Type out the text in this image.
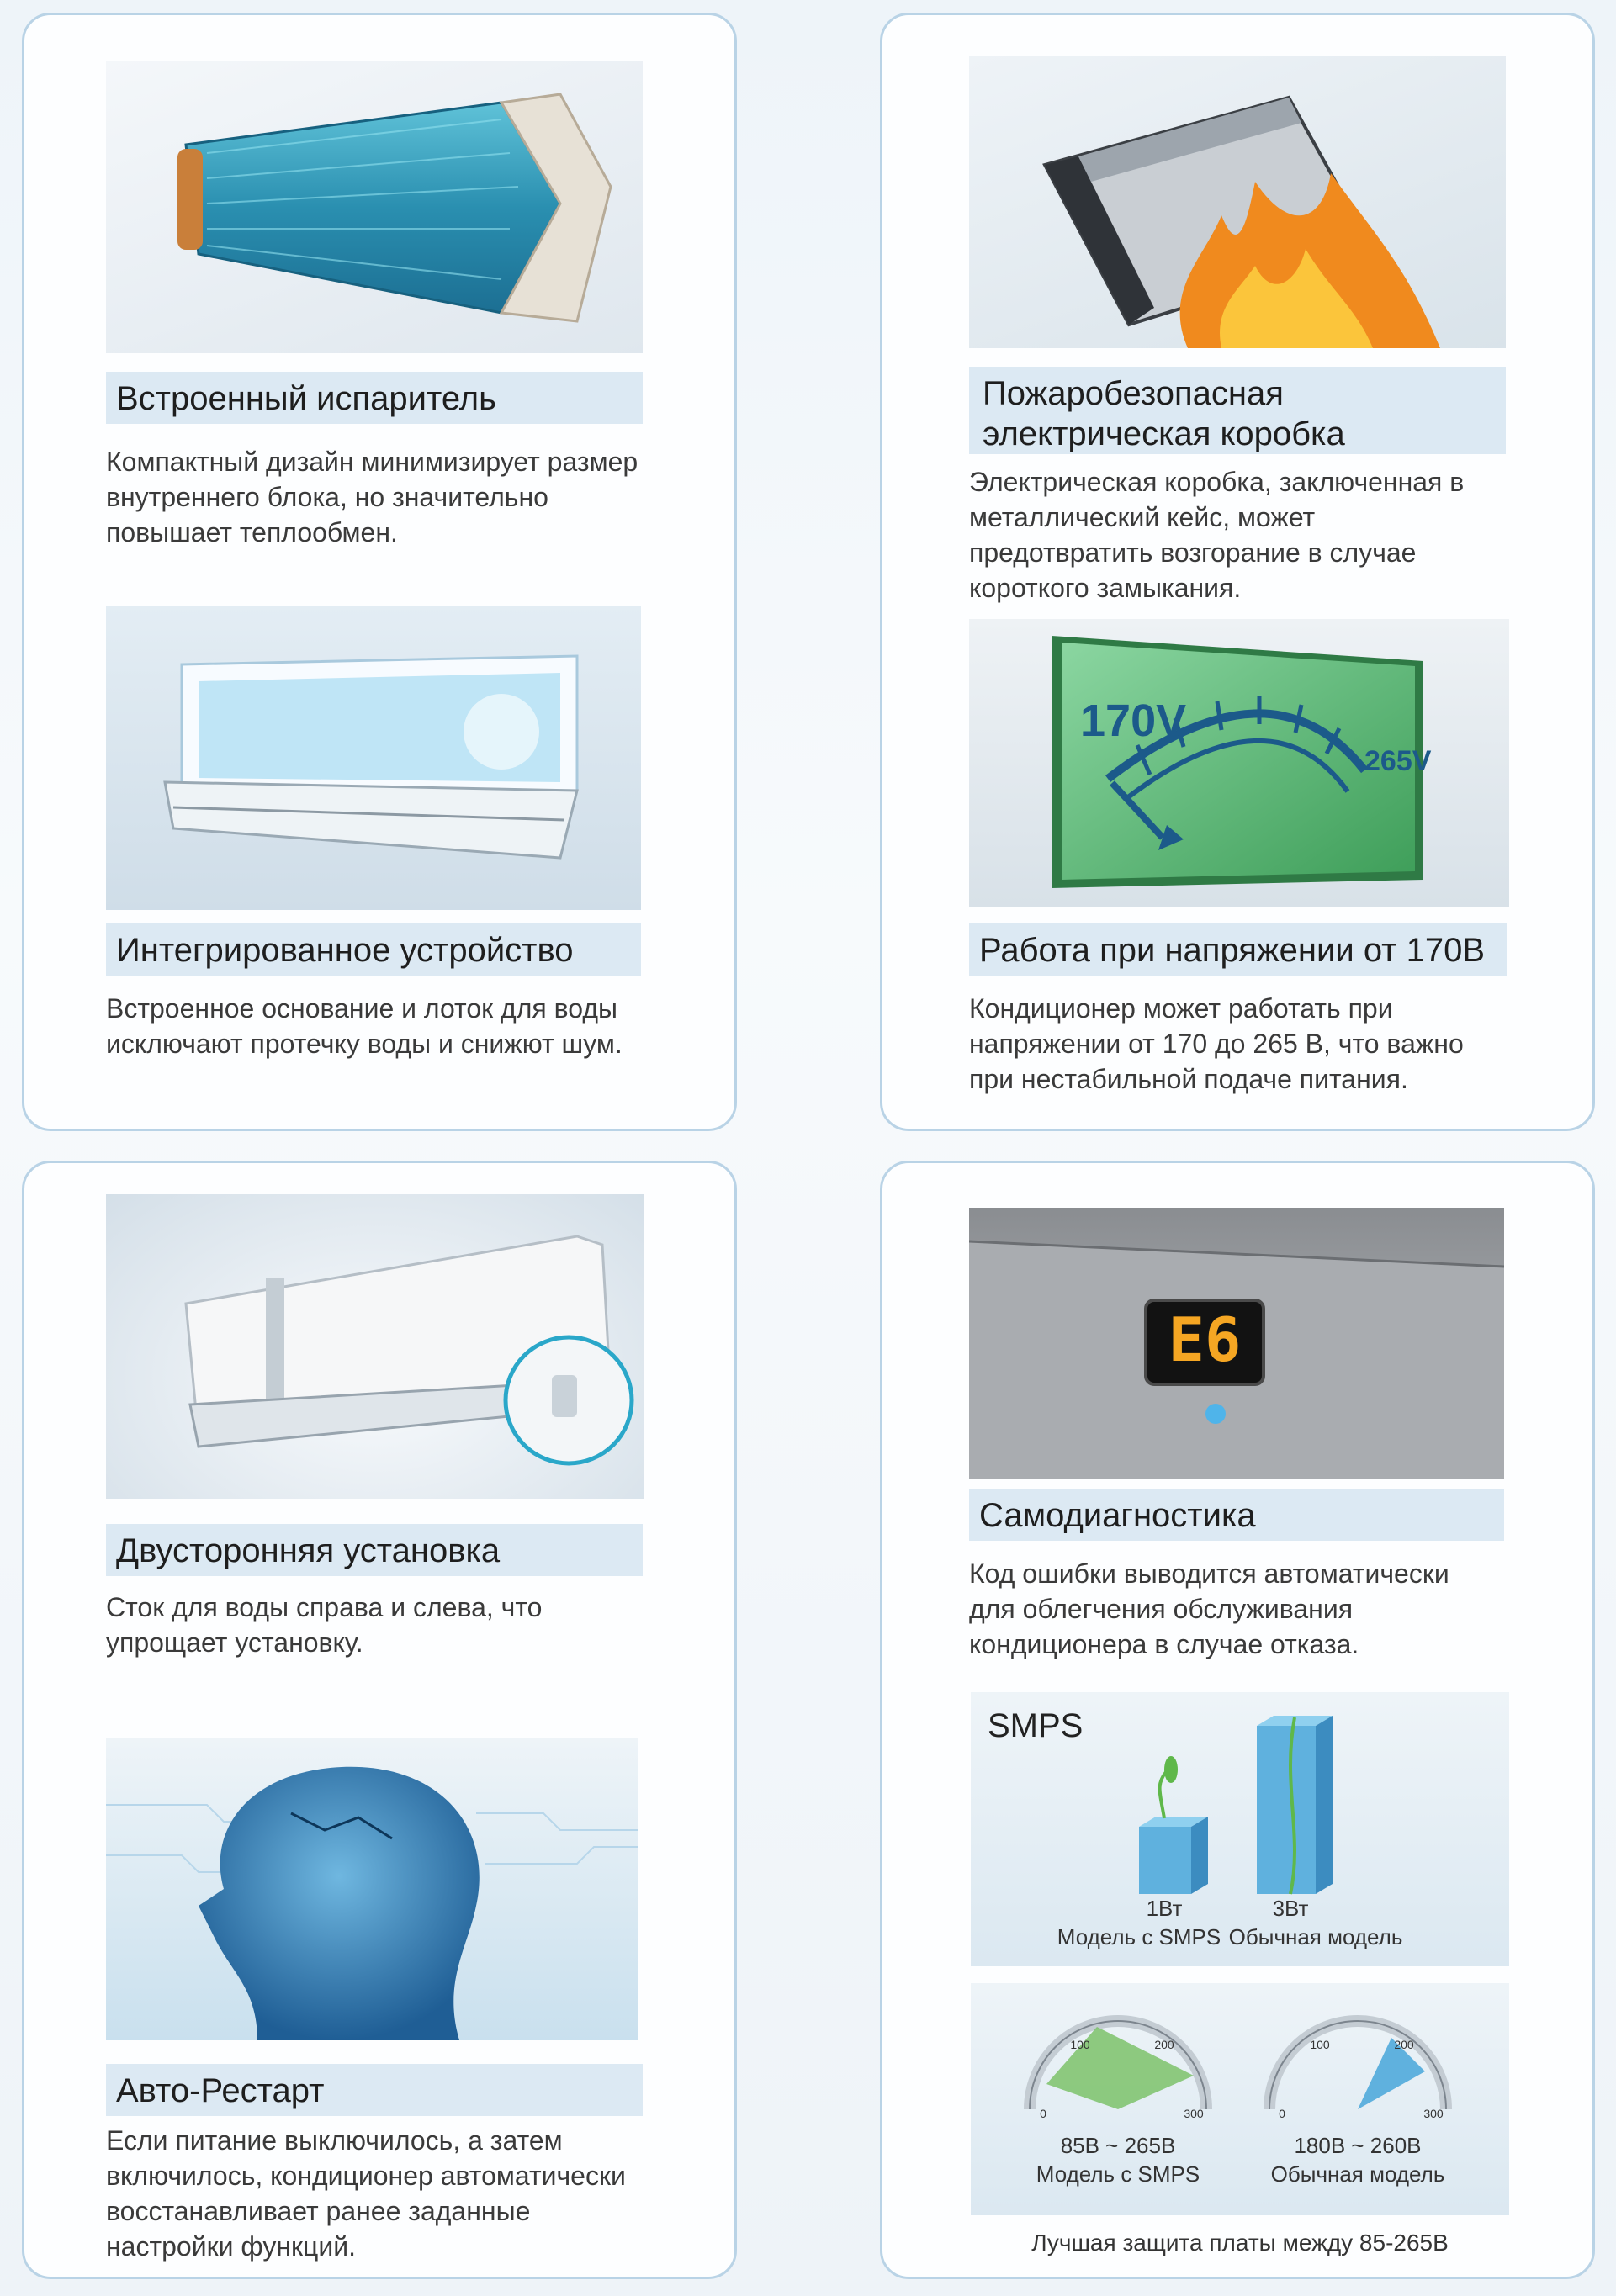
Встроенный испаритель
Компактный дизайн минимизирует размер внутреннего блока, но значительно повышает теплообмен.
Интегрированное устройство
Встроенное основание и лоток для воды исключают протечку воды и снижют шум.
Пожаробезопасная электрическая коробка
Электрическая коробка, заключенная в металлический кейс, может предотвратить возгорание в случае короткого замыкания.
170V
265V
Работа при напряжении от 170В
Кондиционер может работать при напряжении от 170 до 265 В, что важно при нестабильной подаче питания.
Двусторонняя установка
Сток для воды справа и слева, что упрощает установку.
Авто-Рестарт
Если питание выключилось, а затем включилось, кондиционер автоматически восстанавливает ранее заданные настройки функций.
E6
Самодиагностика
Код ошибки выводится автоматически для облегчения обслуживания кондиционера в случае отказа.
SMPS
1Вт
Модель с SMPS
3Вт
Обычная модель
0
100	200
300	0
100	200
300
85В ~ 265В
Модель с SMPS
180В ~ 260В
Обычная модель
Лучшая защита платы между 85-265В
